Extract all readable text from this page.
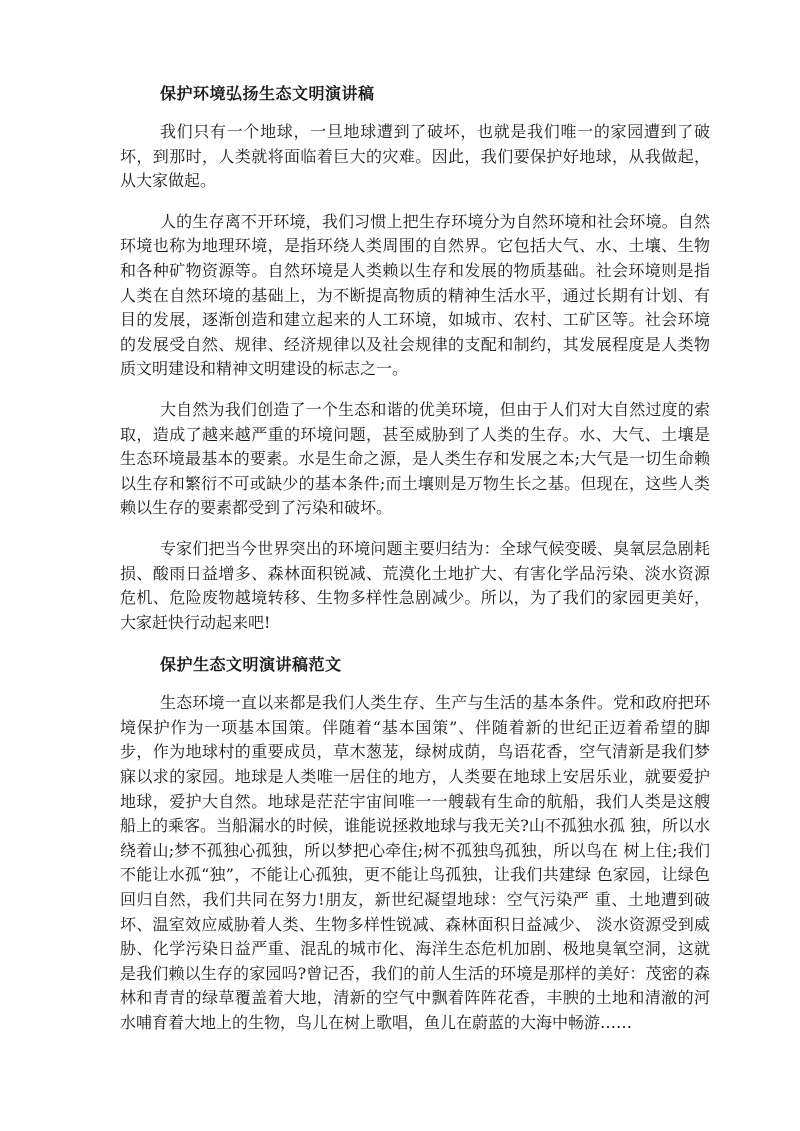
保护环境弘扬生态文明演讲稿

我们只有一个地球，一旦地球遭到了破坏，也就是我们唯一的家园遭到了破坏，到那时，人类就将面临着巨大的灾难。因此，我们要保护好地球，从我做起，从大家做起。

人的生存离不开环境，我们习惯上把生存环境分为自然环境和社会环境。自然环境也称为地理环境，是指环绕人类周围的自然界。它包括大气、水、土壤、生物和各种矿物资源等。自然环境是人类赖以生存和发展的物质基础。社会环境则是指人类在自然环境的基础上，为不断提高物质的精神生活水平，通过长期有计划、有目的发展，逐渐创造和建立起来的人工环境，如城市、农村、工矿区等。社会环境的发展受自然、规律、经济规律以及社会规律的支配和制约，其发展程度是人类物质文明建设和精神文明建设的标志之一。

大自然为我们创造了一个生态和谐的优美环境，但由于人们对大自然过度的索取，造成了越来越严重的环境问题，甚至威胁到了人类的生存。水、大气、土壤是生态环境最基本的要素。水是生命之源，是人类生存和发展之本;大气是一切生命赖以生存和繁衍不可或缺少的基本条件;而土壤则是万物生长之基。但现在，这些人类赖以生存的要素都受到了污染和破坏。

专家们把当今世界突出的环境问题主要归结为：全球气候变暖、臭氧层急剧耗损、酸雨日益增多、森林面积锐减、荒漠化土地扩大、有害化学品污染、淡水资源危机、危险废物越境转移、生物多样性急剧减少。所以，为了我们的家园更美好，大家赶快行动起来吧!

保护生态文明演讲稿范文

生态环境一直以来都是我们人类生存、生产与生活的基本条件。党和政府把环境保护作为一项基本国策。伴随着“基本国策”、伴随着新的世纪正迈着希望的脚步，作为地球村的重要成员，草木葱茏，绿树成荫，鸟语花香，空气清新是我们梦寐以求的家园。地球是人类唯一居住的地方，人类要在地球上安居乐业，就要爱护地球，爱护大自然。地球是茫茫宇宙间唯一一艘载有生命的航船，我们人类是这艘船上的乘客。当船漏水的时候，谁能说拯救地球与我无关?山不孤独水孤 独，所以水绕着山;梦不孤独心孤独，所以梦把心牵住;树不孤独鸟孤独，所以鸟在 树上住;我们不能让水孤“独”，不能让心孤独，更不能让鸟孤独，让我们共建绿 色家园，让绿色回归自然，我们共同在努力!朋友，新世纪凝望地球：空气污染严 重、土地遭到破坏、温室效应威胁着人类、生物多样性锐减、森林面积日益减少、 淡水资源受到威胁、化学污染日益严重、混乱的城市化、海洋生态危机加剧、极地臭氧空洞，这就是我们赖以生存的家园吗?曾记否，我们的前人生活的环境是那样的美好：茂密的森林和青青的绿草覆盖着大地，清新的空气中飘着阵阵花香，丰腴的土地和清澈的河水哺育着大地上的生物，鸟儿在树上歌唱，鱼儿在蔚蓝的大海中畅游……
